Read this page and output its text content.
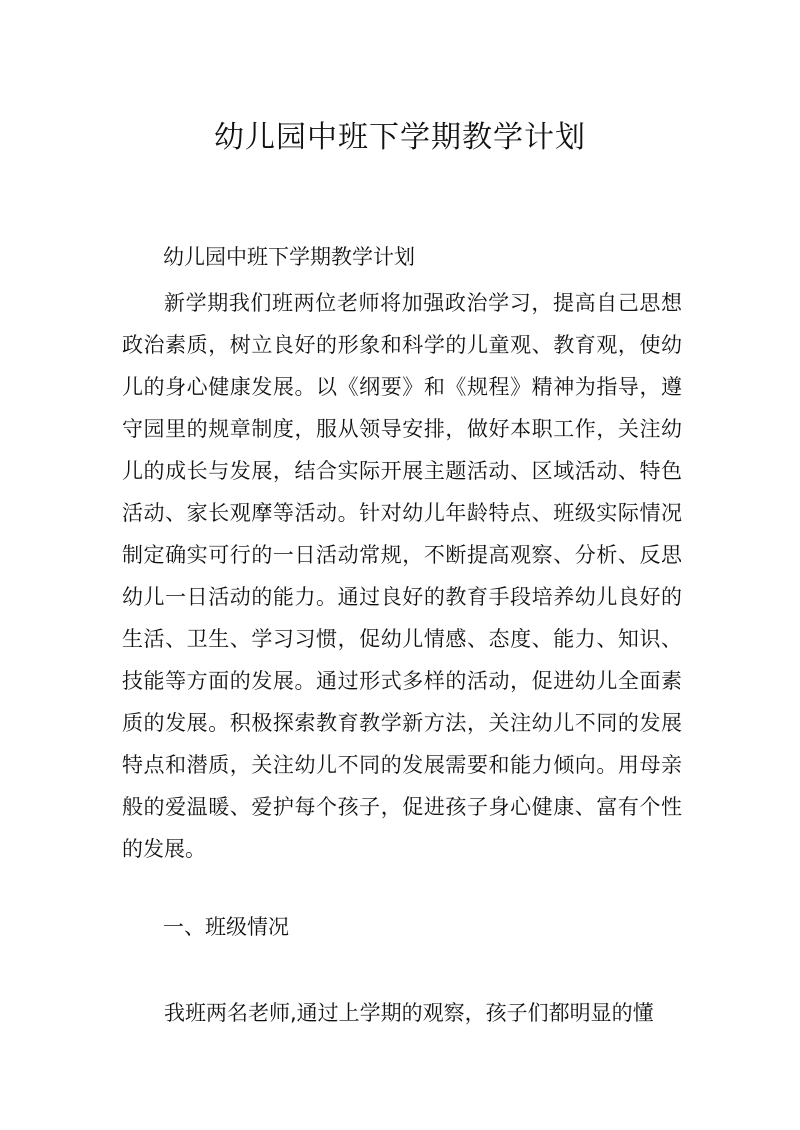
幼儿园中班下学期教学计划
幼儿园中班下学期教学计划

新学期我们班两位老师将加强政治学习，提高自己思想政治素质，树立良好的形象和科学的儿童观、教育观，使幼儿的身心健康发展。以《纲要》和《规程》精神为指导，遵守园里的规章制度，服从领导安排，做好本职工作，关注幼儿的成长与发展，结合实际开展主题活动、区域活动、特色活动、家长观摩等活动。针对幼儿年龄特点、班级实际情况制定确实可行的一日活动常规，不断提高观察、分析、反思幼儿一日活动的能力。通过良好的教育手段培养幼儿良好的生活、卫生、学习习惯，促幼儿情感、态度、能力、知识、技能等方面的发展。通过形式多样的活动，促进幼儿全面素质的发展。积极探索教育教学新方法，关注幼儿不同的发展特点和潜质，关注幼儿不同的发展需要和能力倾向。用母亲般的爱温暖、爱护每个孩子，促进孩子身心健康、富有个性的发展。

一、班级情况

我班两名老师,通过上学期的观察，孩子们都明显的懂
